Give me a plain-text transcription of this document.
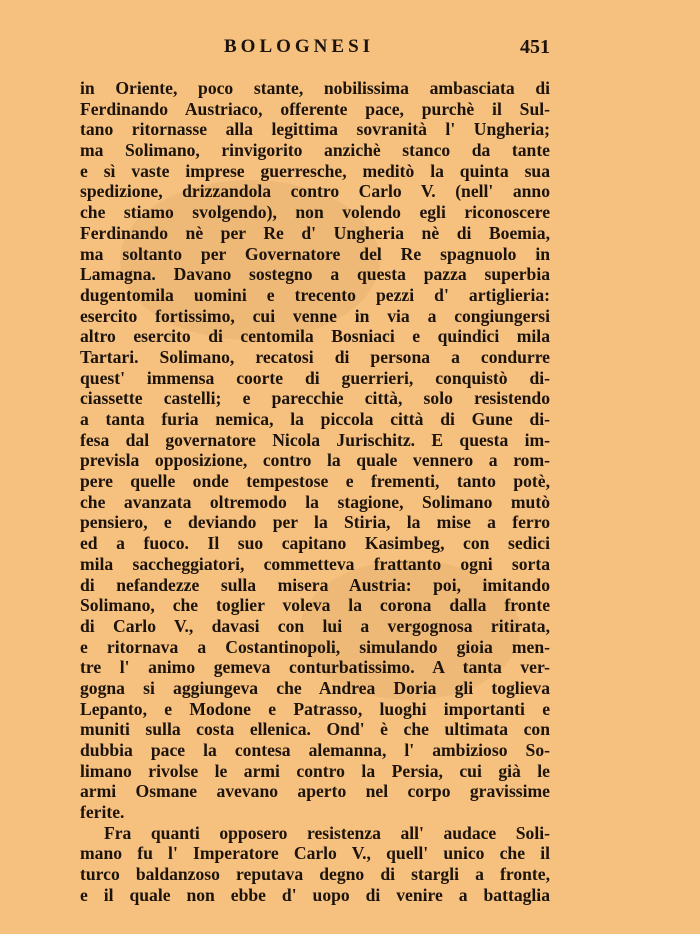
BOLOGNESI	451
in Oriente, poco stante, nobilissima ambasciata di
Ferdinando Austriaco, offerente pace, purchè il Sul-
tano ritornasse alla legittima sovranità l' Ungheria;
ma Solimano, rinvigorito anzichè stanco da tante
e sì vaste imprese guerresche, meditò la quinta sua
spedizione, drizzandola contro Carlo V. (nell' anno
che stiamo svolgendo), non volendo egli riconoscere
Ferdinando nè per Re d' Ungheria nè di Boemia,
ma soltanto per Governatore del Re spagnuolo in
Lamagna. Davano sostegno a questa pazza superbia
dugentomila uomini e trecento pezzi d' artiglieria:
esercito fortissimo, cui venne in via a congiungersi
altro esercito di centomila Bosniaci e quindici mila
Tartari. Solimano, recatosi di persona a condurre
quest' immensa coorte di guerrieri, conquistò di-
ciassette castelli; e parecchie città, solo resistendo
a tanta furia nemica, la piccola città di Gune di-
fesa dal governatore Nicola Jurischitz. E questa im-
previsla opposizione, contro la quale vennero a rom-
pere quelle onde tempestose e frementi, tanto potè,
che avanzata oltremodo la stagione, Solimano mutò
pensiero, e deviando per la Stiria, la mise a ferro
ed a fuoco. Il suo capitano Kasimbeg, con sedici
mila saccheggiatori, commetteva frattanto ogni sorta
di nefandezze sulla misera Austria: poi, imitando
Solimano, che toglier voleva la corona dalla fronte
di Carlo V., davasi con lui a vergognosa ritirata,
e ritornava a Costantinopoli, simulando gioia men-
tre l' animo gemeva conturbatissimo. A tanta ver-
gogna si aggiungeva che Andrea Doria gli toglieva
Lepanto, e Modone e Patrasso, luoghi importanti e
muniti sulla costa ellenica. Ond' è che ultimata con
dubbia pace la contesa alemanna, l' ambizioso So-
limano rivolse le armi contro la Persia, cui già le
armi Osmane avevano aperto nel corpo gravissime
ferite.
Fra quanti opposero resistenza all' audace Soli-
mano fu l' Imperatore Carlo V., quell' unico che il
turco baldanzoso reputava degno di stargli a fronte,
e il quale non ebbe d' uopo di venire a battaglia
